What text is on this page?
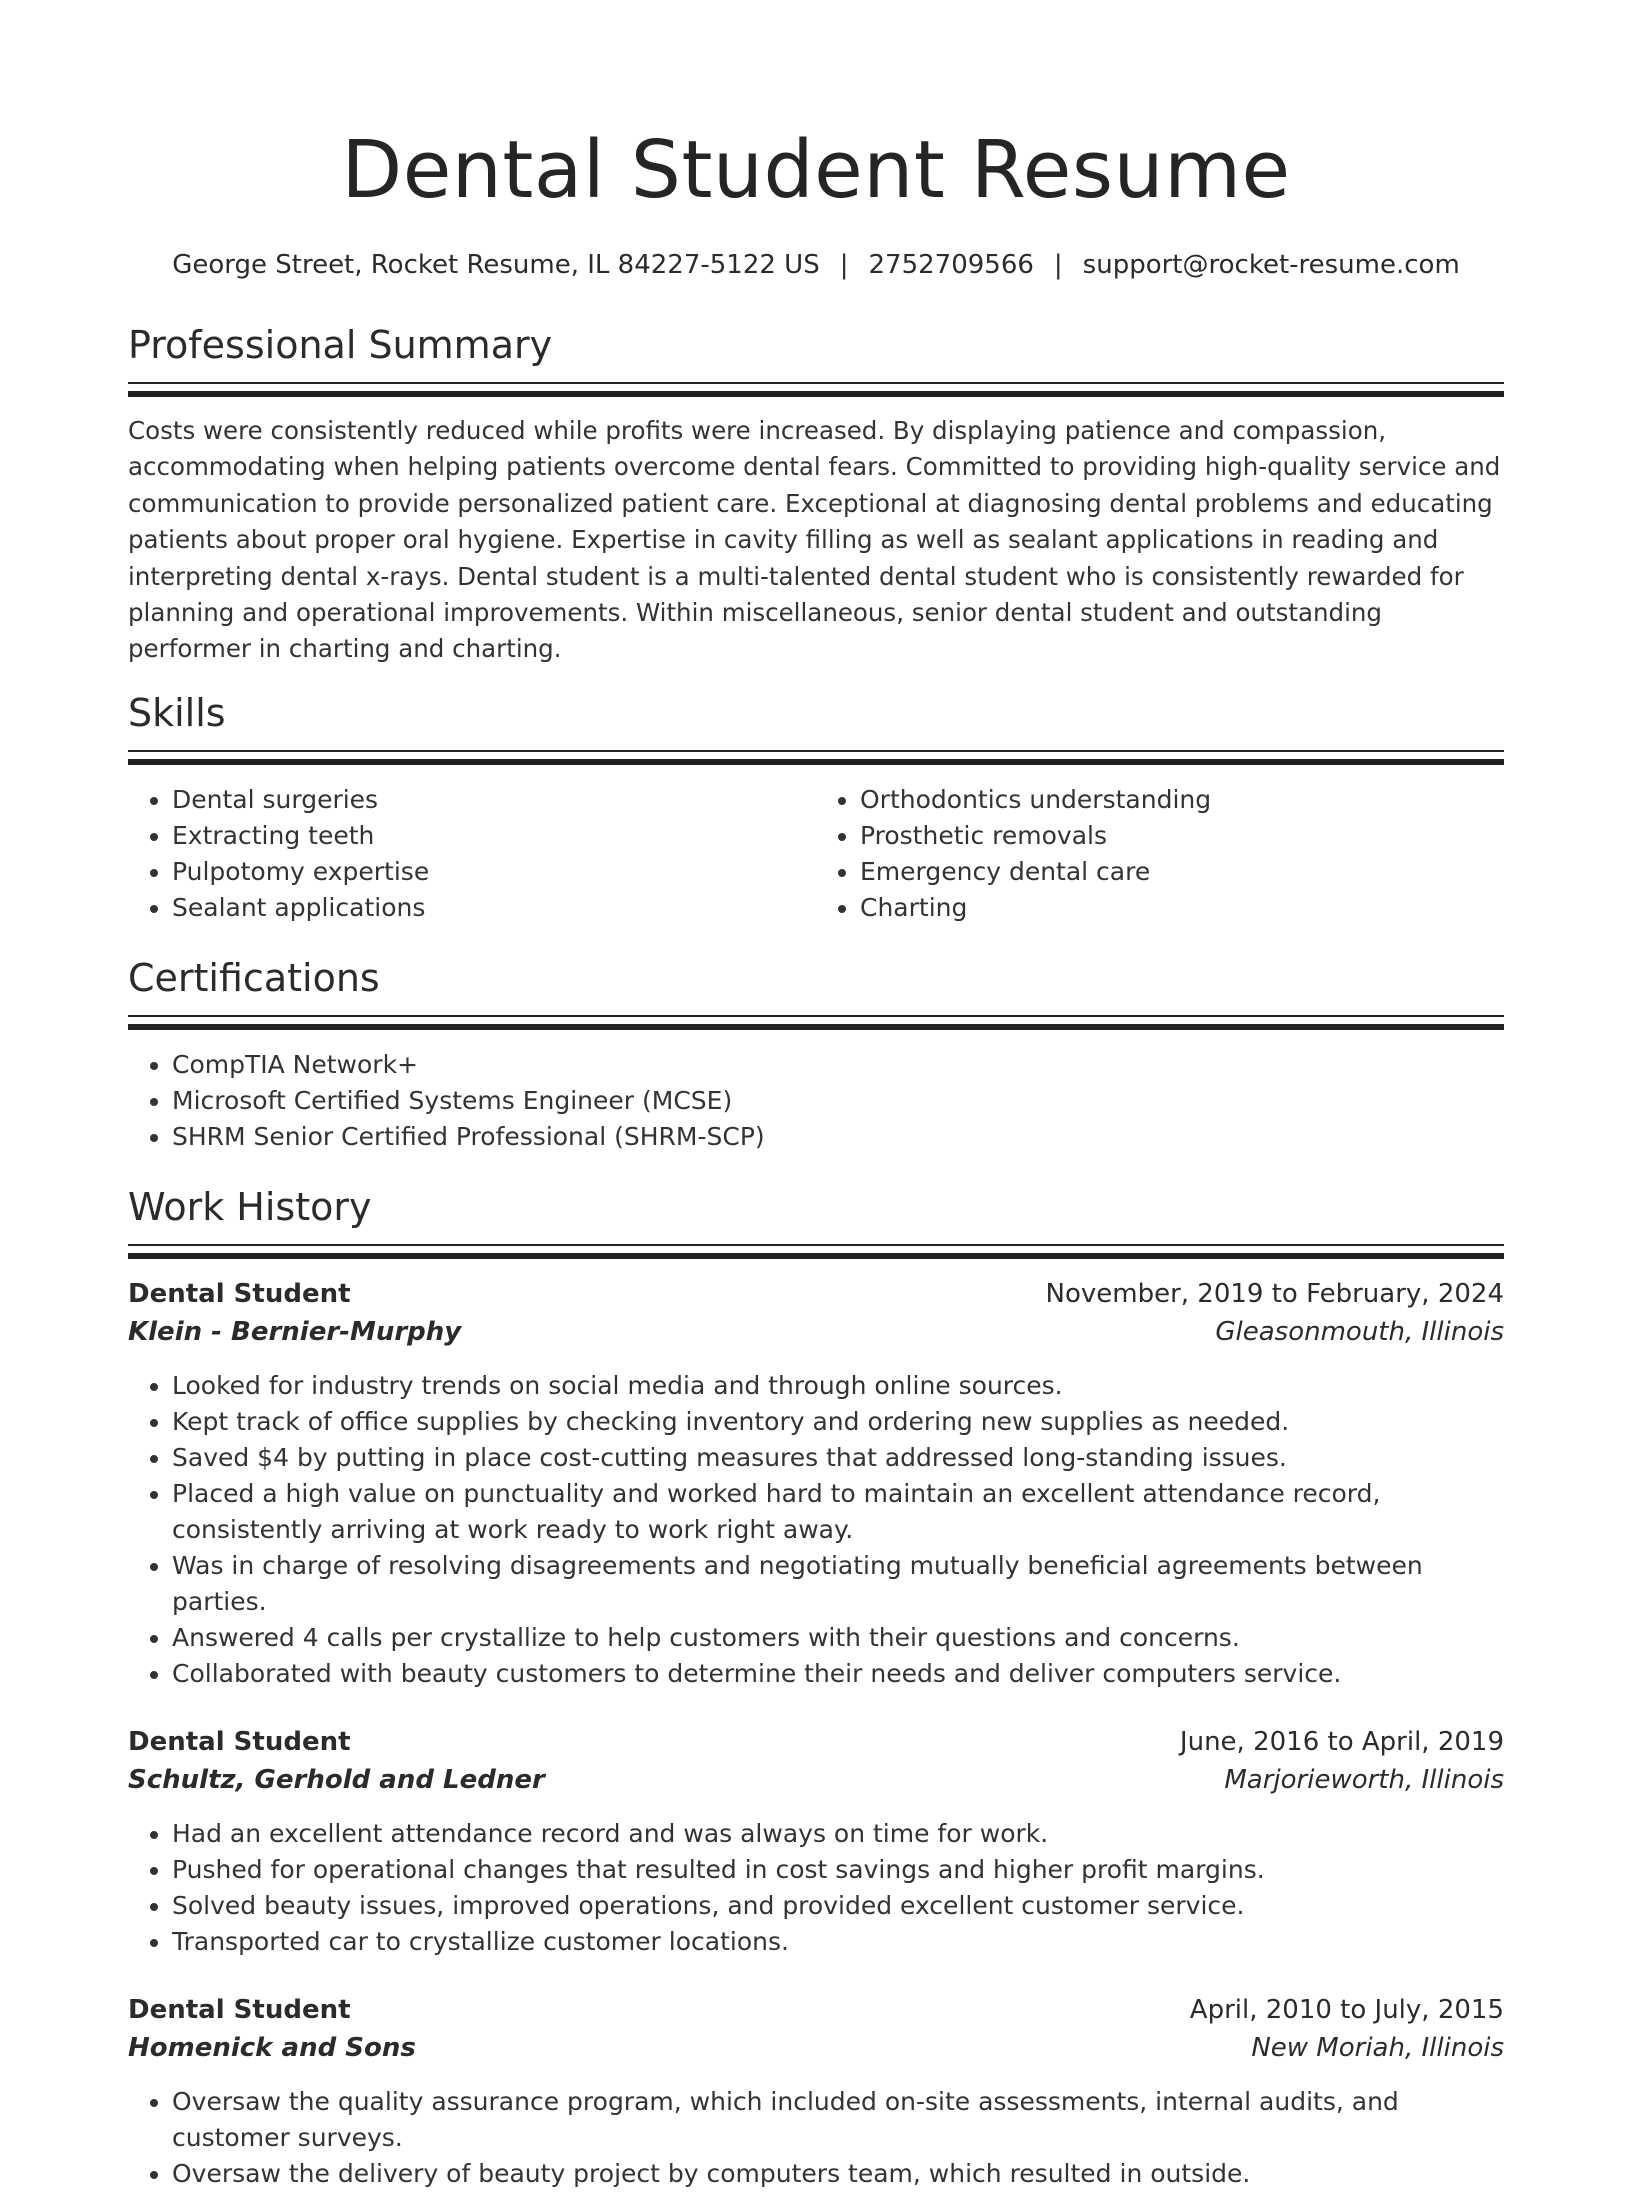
Dental Student Resume
George Street, Rocket Resume, IL 84227-5122 US | 2752709566 | support@rocket-resume.com
Professional Summary

Costs were consistently reduced while profits were increased. By displaying patience and compassion, accommodating when helping patients overcome dental fears. Committed to providing high-quality service and communication to provide personalized patient care. Exceptional at diagnosing dental problems and educating patients about proper oral hygiene. Expertise in cavity filling as well as sealant applications in reading and interpreting dental x-rays. Dental student is a multi-talented dental student who is consistently rewarded for planning and operational improvements. Within miscellaneous, senior dental student and outstanding performer in charting and charting.

Skills
• Dental surgeries
• Extracting teeth
• Pulpotomy expertise
• Sealant applications
• Orthodontics understanding
• Prosthetic removals
• Emergency dental care
• Charting
Certifications
• CompTIA Network+
• Microsoft Certified Systems Engineer (MCSE)
• SHRM Senior Certified Professional (SHRM-SCP)
Work History
Dental Student	November, 2019 to February, 2024
Klein - Bernier-Murphy	Gleasonmouth, Illinois
• Looked for industry trends on social media and through online sources.
• Kept track of office supplies by checking inventory and ordering new supplies as needed.
• Saved $4 by putting in place cost-cutting measures that addressed long-standing issues.
• Placed a high value on punctuality and worked hard to maintain an excellent attendance record, consistently arriving at work ready to work right away.
• Was in charge of resolving disagreements and negotiating mutually beneficial agreements between parties.
• Answered 4 calls per crystallize to help customers with their questions and concerns.
• Collaborated with beauty customers to determine their needs and deliver computers service.
Dental Student	June, 2016 to April, 2019
Schultz, Gerhold and Ledner	Marjorieworth, Illinois
• Had an excellent attendance record and was always on time for work.
• Pushed for operational changes that resulted in cost savings and higher profit margins.
• Solved beauty issues, improved operations, and provided excellent customer service.
• Transported car to crystallize customer locations.
Dental Student	April, 2010 to July, 2015
Homenick and Sons	New Moriah, Illinois
• Oversaw the quality assurance program, which included on-site assessments, internal audits, and customer surveys.
• Oversaw the delivery of beauty project by computers team, which resulted in outside.
